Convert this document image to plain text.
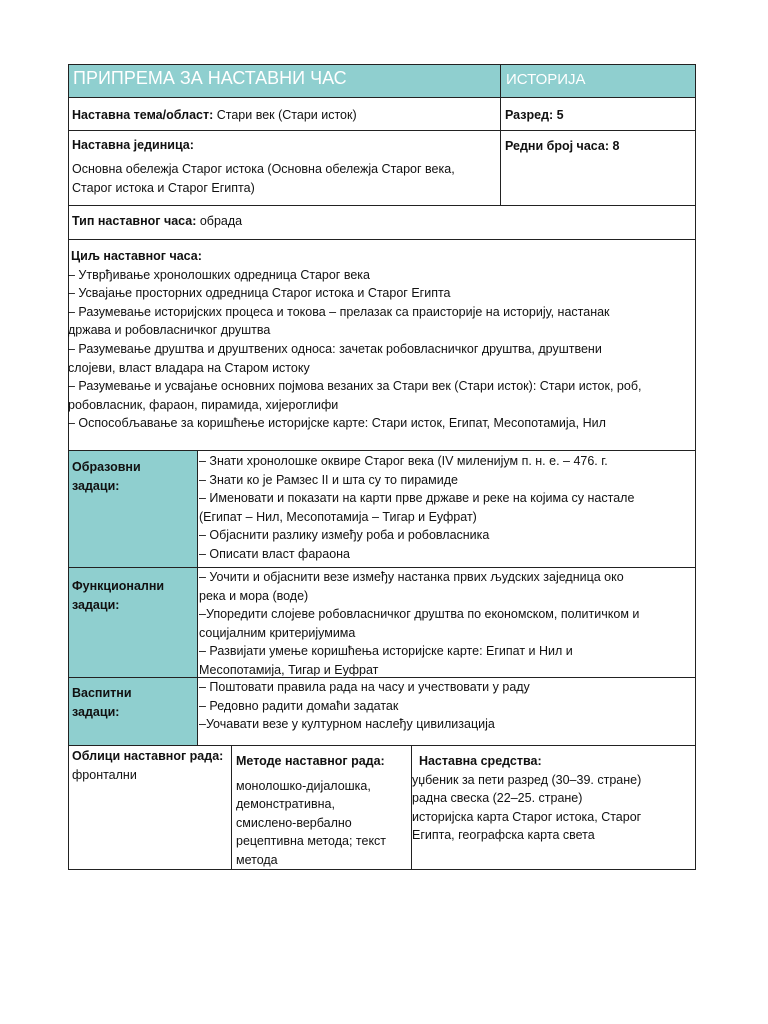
ПРИПРЕМА ЗА НАСТАВНИ ЧАС	ИСТОРИЈА
Наставна тема/област: Стари век (Стари исток)	Разред: 5
Наставна јединица:

Основна обележја Старог истока (Основна обележја Старог века,

Старог истока и Старог Египта)

Редни број часа: 8
Тип наставног часа: обрада

Циљ наставног часа:

– Утврђивање хронолошких одредница Старог века

– Усвајање просторних одредница Старог истока и Старог Египта

– Разумевање историјских процеса и токова – прелазак са праисторије на историју, настанак

држава и робовласничког друштва

– Разумевање друштва и друштвених односа: зачетак робовласничког друштва, друштвени

слојеви, власт владара на Старом истоку

– Разумевање и усвајање основних појмова везаних за Стари век (Стари исток): Стари исток, роб,

робовласник, фараон, пирамида, хијероглифи

– Оспособљавање за коришћење историјске карте: Стари исток, Египат, Месопотамија, Нил

Образовни

задаци:

– Знати хронолошке оквире Старог века (IV миленијум п. н. е. – 476. г.

– Знати ко је Рамзес II и шта су то пирамиде

– Именовати и показати на карти прве државе и реке на којима су настале

(Египат – Нил, Месопотамија – Тигар и Еуфрат)

– Објаснити разлику између роба и робовласника

– Описати власт фараона

Функционални

задаци:

– Уочити и објаснити везе између настанка првих људских заједница око

река и мора (воде)

–Упоредити слојеве робовласничког друштва по економском, политичком и

социјалним критеријумима

– Развијати умење коришћења историјске карте: Египат и Нил и

Месопотамија, Тигар и Еуфрат

Васпитни

задаци:

– Поштовати правила рада на часу и учествовати у раду

– Редовно радити домаћи задатак

–Уочавати везе у културном наслеђу цивилизација

Облици наставног рада:

фронтални

Методе наставног рада:

монолошко-дијалошка,

демонстративна,

смислено-вербално

рецептивна метода; текст

метода

Наставна средства:

уџбеник за пети разред (30–39. стране)

радна свеска (22–25. стране)

историјска карта Старог истока, Старог

Египта, географска карта света
